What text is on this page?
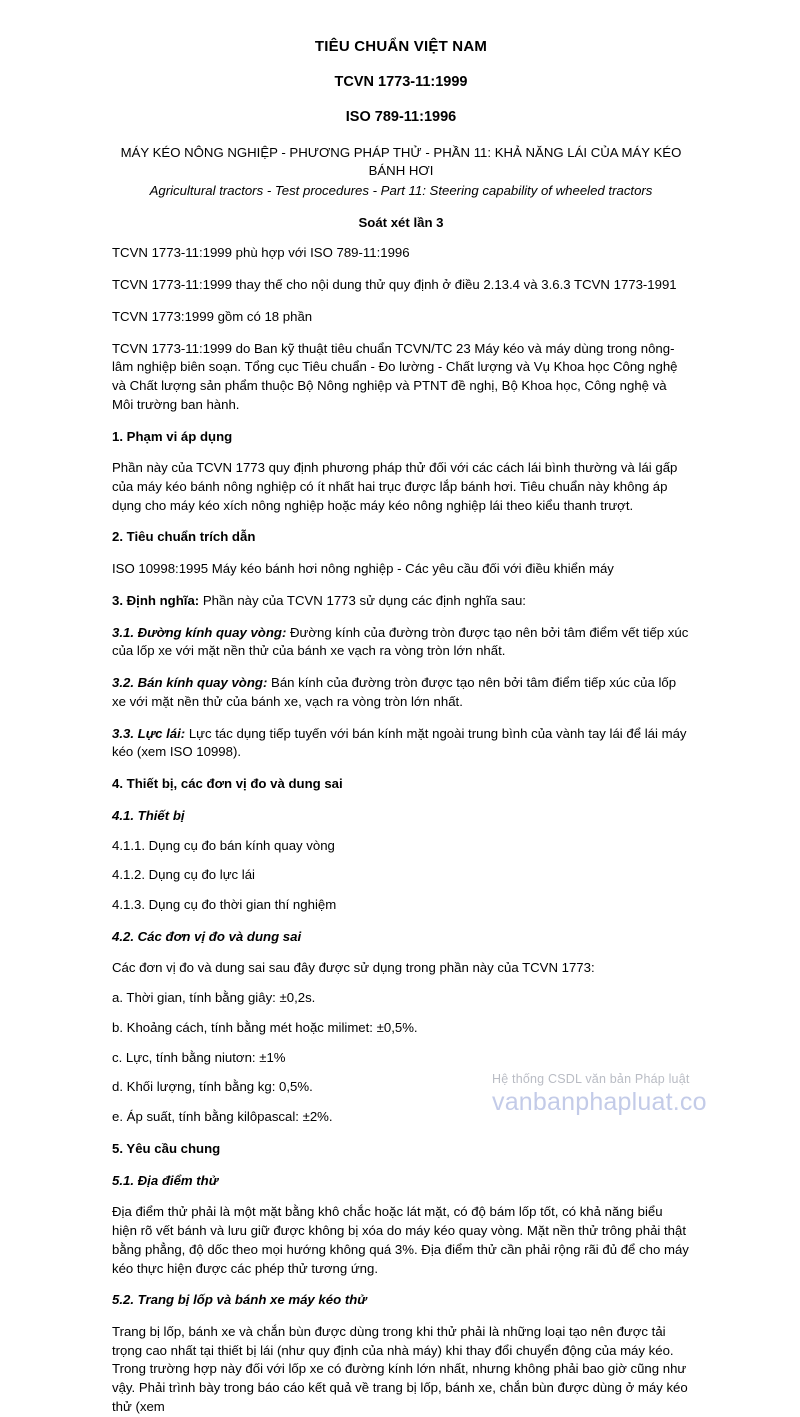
TIÊU CHUẨN VIỆT NAM
TCVN 1773-11:1999
ISO 789-11:1996
MÁY KÉO NÔNG NGHIỆP - PHƯƠNG PHÁP THỬ - PHẦN 11: KHẢ NĂNG LÁI CỦA MÁY KÉO BÁNH HƠI
Agricultural tractors - Test procedures - Part 11: Steering capability of wheeled tractors
Soát xét lần 3

TCVN 1773-11:1999 phù hợp với ISO 789-11:1996

TCVN 1773-11:1999 thay thế cho nội dung thử quy định ở điều 2.13.4 và 3.6.3 TCVN 1773-1991

TCVN 1773:1999 gồm có 18 phần

TCVN 1773-11:1999 do Ban kỹ thuật tiêu chuẩn TCVN/TC 23 Máy kéo và máy dùng trong nông-lâm nghiệp biên soạn. Tổng cục Tiêu chuẩn - Đo lường - Chất lượng và Vụ Khoa học Công nghệ và Chất lượng sản phẩm thuộc Bộ Nông nghiệp và PTNT đề nghị, Bộ Khoa học, Công nghệ và Môi trường ban hành.

1. Phạm vi áp dụng

Phần này của TCVN 1773 quy định phương pháp thử đối với các cách lái bình thường và lái gấp của máy kéo bánh nông nghiệp có ít nhất hai trục được lắp bánh hơi. Tiêu chuẩn này không áp dụng cho máy kéo xích nông nghiệp hoặc máy kéo nông nghiệp lái theo kiểu thanh trượt.

2. Tiêu chuẩn trích dẫn

ISO 10998:1995 Máy kéo bánh hơi nông nghiệp - Các yêu cầu đối với điều khiển máy

3. Định nghĩa: Phần này của TCVN 1773 sử dụng các định nghĩa sau:

3.1. Đường kính quay vòng: Đường kính của đường tròn được tạo nên bởi tâm điểm vết tiếp xúc của lốp xe với mặt nền thử của bánh xe vạch ra vòng tròn lớn nhất.

3.2. Bán kính quay vòng: Bán kính của đường tròn được tạo nên bởi tâm điểm tiếp xúc của lốp xe với mặt nền thử của bánh xe, vạch ra vòng tròn lớn nhất.

3.3. Lực lái: Lực tác dụng tiếp tuyến với bán kính mặt ngoài trung bình của vành tay lái để lái máy kéo (xem ISO 10998).

4. Thiết bị, các đơn vị đo và dung sai

4.1. Thiết bị

4.1.1. Dụng cụ đo bán kính quay vòng

4.1.2. Dụng cụ đo lực lái

4.1.3. Dụng cụ đo thời gian thí nghiệm

4.2. Các đơn vị đo và dung sai

Các đơn vị đo và dung sai sau đây được sử dụng trong phần này của TCVN 1773:

a. Thời gian, tính bằng giây: ±0,2s.

b. Khoảng cách, tính bằng mét hoặc milimet: ±0,5%.

c. Lực, tính bằng niutơn: ±1%

d. Khối lượng, tính bằng kg: 0,5%.

e. Áp suất, tính bằng kilôpascal: ±2%.

5. Yêu cầu chung

5.1. Địa điểm thử

Địa điểm thử phải là một mặt bằng khô chắc hoặc lát mặt, có độ bám lốp tốt, có khả năng biểu hiện rõ vết bánh và lưu giữ được không bị xóa do máy kéo quay vòng. Mặt nền thử trông phải thật bằng phẳng, độ dốc theo mọi hướng không quá 3%. Địa điểm thử cần phải rộng rãi đủ để cho máy kéo thực hiện được các phép thử tương ứng.

5.2. Trang bị lốp và bánh xe máy kéo thử

Trang bị lốp, bánh xe và chắn bùn được dùng trong khi thử phải là những loại tạo nên được tải trọng cao nhất tại thiết bị lái (như quy định của nhà máy) khi thay đổi chuyển động của máy kéo. Trong trường hợp này đối với lốp xe có đường kính lớn nhất, nhưng không phải bao giờ cũng như vậy. Phải trình bày trong báo cáo kết quả về trang bị lốp, bánh xe, chắn bùn được dùng ở máy kéo thử (xem

Hệ thống CSDL văn bản Pháp luật
vanbanphapluat.co
